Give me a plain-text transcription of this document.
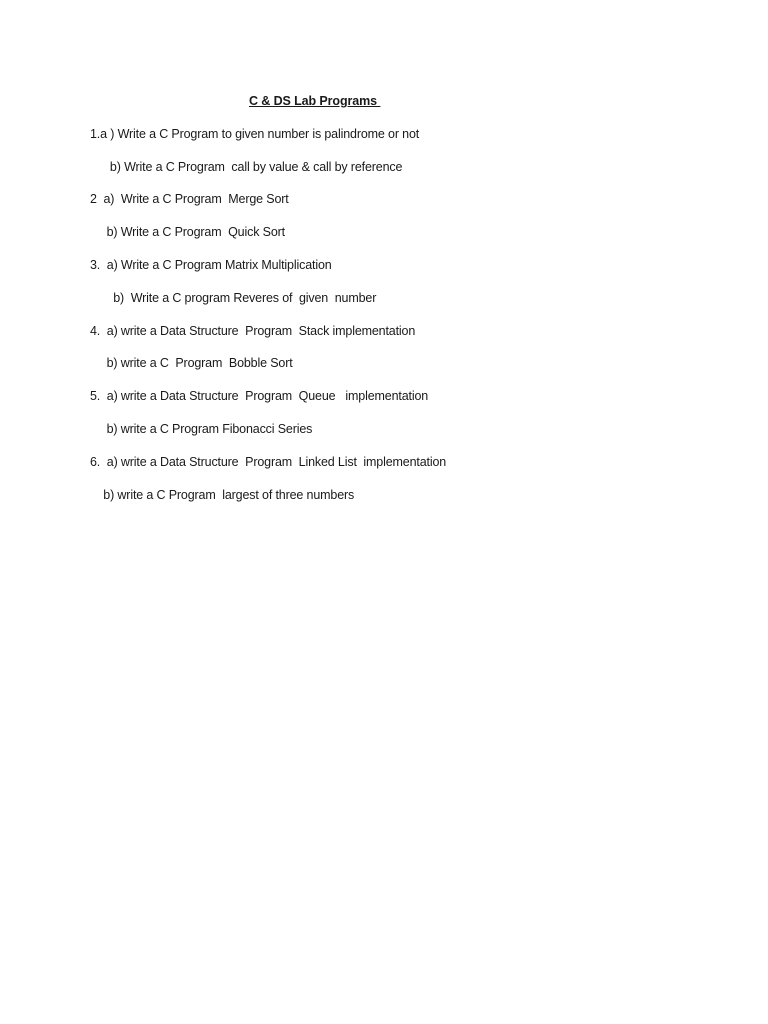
C & DS Lab Programs
1.a ) Write a C Program to given number is palindrome or not
b) Write a C Program  call by value & call by reference
2  a)  Write a C Program  Merge Sort
b) Write a C Program  Quick Sort
3.  a) Write a C Program Matrix Multiplication
b)  Write a C program Reveres of  given  number
4.  a) write a Data Structure  Program  Stack implementation
b) write a C  Program  Bobble Sort
5.  a) write a Data Structure  Program  Queue   implementation
b) write a C Program Fibonacci Series
6.  a) write a Data Structure  Program  Linked List  implementation
b) write a C Program  largest of three numbers
